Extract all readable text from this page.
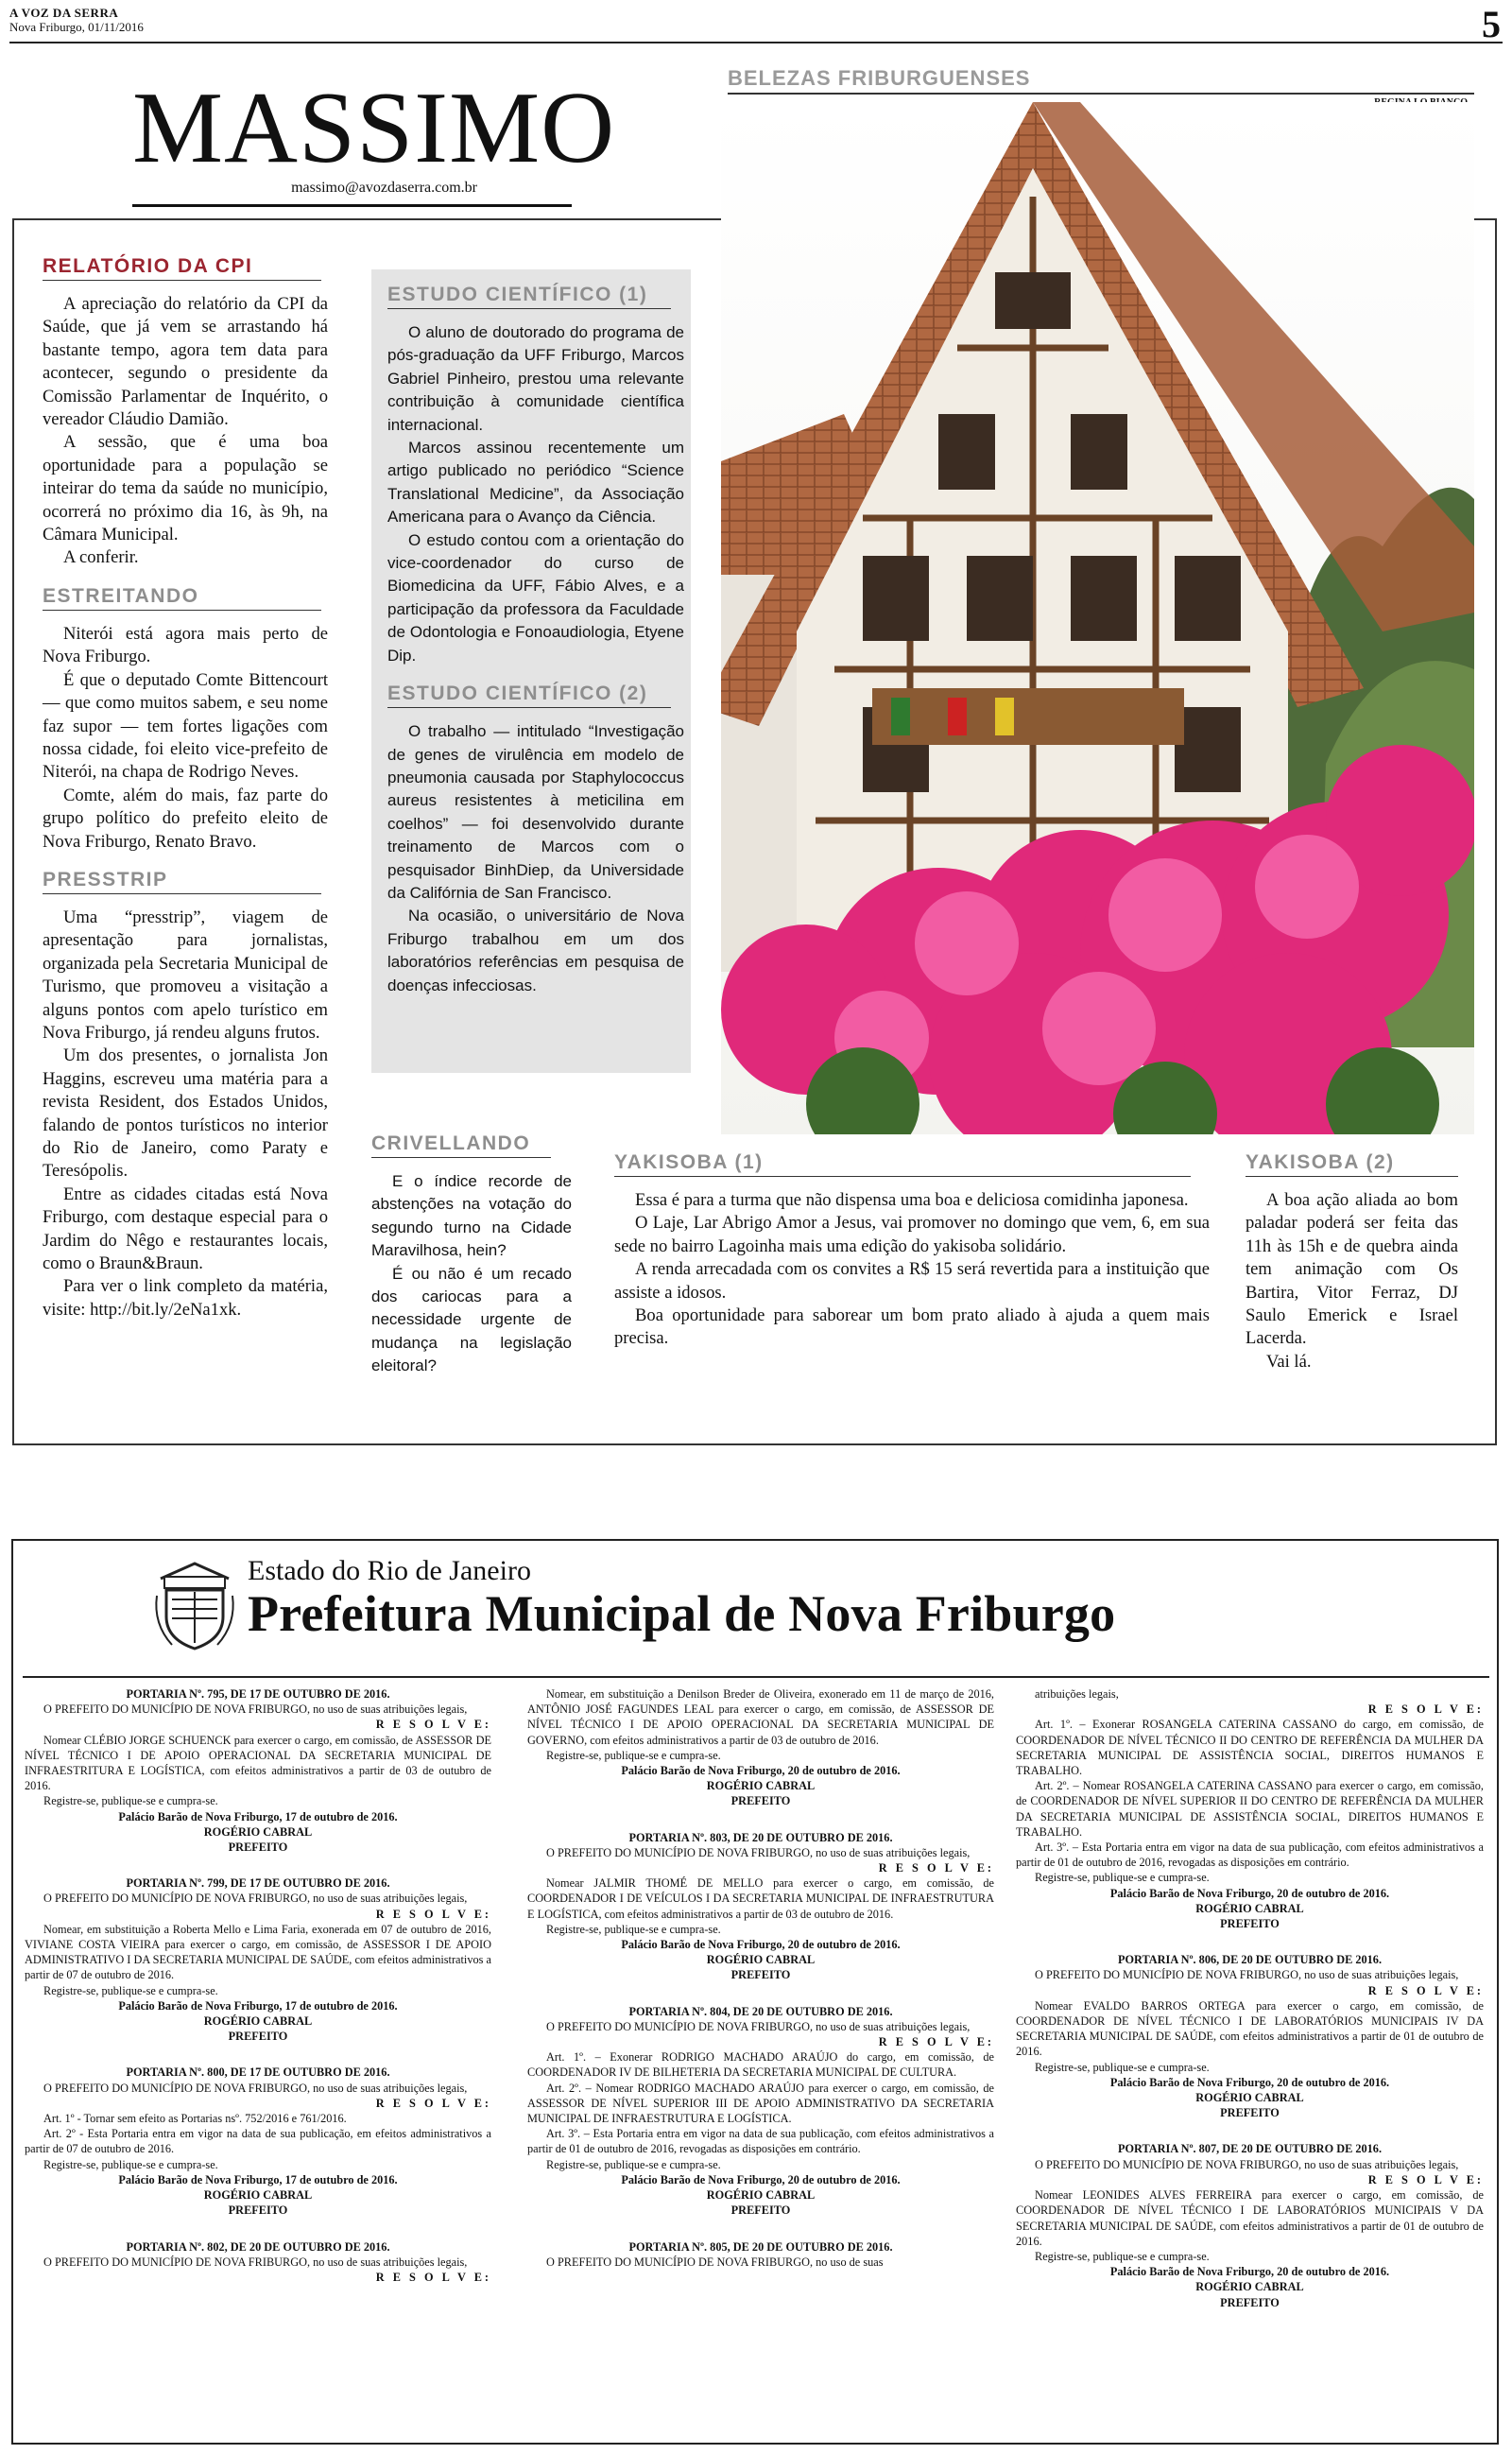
A VOZ DA SERRA
Nova Friburgo, 01/11/2016	5
MASSIMO
massimo@avozdaserra.com.br
BELEZAS FRIBURGUENSES
RELATÓRIO DA CPI

A apreciação do relatório da CPI da Saúde, que já vem se arrastando há bastante tempo, agora tem data para acontecer, segundo o presidente da Comissão Parlamentar de Inquérito, o vereador Cláudio Damião.

A sessão, que é uma boa oportunidade para a população se inteirar do tema da saúde no município, ocorrerá no próximo dia 16, às 9h, na Câmara Municipal.

A conferir.

ESTREITANDO

Niterói está agora mais perto de Nova Friburgo.

É que o deputado Comte Bittencourt — que como muitos sabem, e seu nome faz supor — tem fortes ligações com nossa cidade, foi eleito vice-prefeito de Niterói, na chapa de Rodrigo Neves.

Comte, além do mais, faz parte do grupo político do prefeito eleito de Nova Friburgo, Renato Bravo.

PRESSTRIP

Uma “presstrip”, viagem de apresentação para jornalistas, organizada pela Secretaria Municipal de Turismo, que promoveu a visitação a alguns pontos com apelo turístico em Nova Friburgo, já rendeu alguns frutos.

Um dos presentes, o jornalista Jon Haggins, escreveu uma matéria para a revista Resident, dos Estados Unidos, falando de pontos turísticos no interior do Rio de Janeiro, como Paraty e Teresópolis.

Entre as cidades citadas está Nova Friburgo, com destaque especial para o Jardim do Nêgo e restaurantes locais, como o Braun&Braun.

Para ver o link completo da matéria, visite: http://bit.ly/2eNa1xk.

ESTUDO CIENTÍFICO (1)

O aluno de doutorado do programa de pós-graduação da UFF Friburgo, Marcos Gabriel Pinheiro, prestou uma relevante contribuição à comunidade científica internacional.

Marcos assinou recentemente um artigo publicado no periódico “Science Translational Medicine”, da Associação Americana para o Avanço da Ciência.

O estudo contou com a orientação do vice-coordenador do curso de Biomedicina da UFF, Fábio Alves, e a participação da professora da Faculdade de Odontologia e Fonoaudiologia, Etyene Dip.

ESTUDO CIENTÍFICO (2)

O trabalho — intitulado “Investigação de genes de virulência em modelo de pneumonia causada por Staphylococcus aureus resistentes à meticilina em coelhos” — foi desenvolvido durante treinamento de Marcos com o pesquisador BinhDiep, da Universidade da Califórnia de San Francisco.

Na ocasião, o universitário de Nova Friburgo trabalhou em um dos laboratórios referências em pesquisa de doenças infecciosas.

CRIVELLANDO

E o índice recorde de abstenções na votação do segundo turno na Cidade Maravilhosa, hein?

É ou não é um recado dos cariocas para a necessidade urgente de mudança na legislação eleitoral?

YAKISOBA (1)

Essa é para a turma que não dispensa uma boa e deliciosa comidinha japonesa.

O Laje, Lar Abrigo Amor a Jesus, vai promover no domingo que vem, 6, em sua sede no bairro Lagoinha mais uma edição do yakisoba solidário.

A renda arrecadada com os convites a R$ 15 será revertida para a instituição que assiste a idosos.

Boa oportunidade para saborear um bom prato aliado à ajuda a quem mais precisa.

YAKISOBA (2)

A boa ação aliada ao bom paladar poderá ser feita das 11h às 15h e de quebra ainda tem animação com Os Bartira, Vitor Ferraz, DJ Saulo Emerick e Israel Lacerda.

Vai lá.

Estado do Rio de Janeiro
Prefeitura Municipal de Nova Friburgo
PORTARIA Nº. 795, DE 17 DE OUTUBRO DE 2016.
O PREFEITO DO MUNICÍPIO DE NOVA FRIBURGO, no uso de suas atribuições legais,
R E S O L V E:
Nomear CLÉBIO JORGE SCHUENCK para exercer o cargo, em comissão, de ASSESSOR DE NÍVEL TÉCNICO I DE APOIO OPERACIONAL DA SECRETARIA MUNICIPAL DE INFRAESTRITURA E LOGÍSTICA, com efeitos administrativos a partir de 03 de outubro de 2016.
Registre-se, publique-se e cumpra-se.
Palácio Barão de Nova Friburgo, 17 de outubro de 2016.
ROGÉRIO CABRAL
PREFEITO
PORTARIA Nº. 799, DE 17 DE OUTUBRO DE 2016.
O PREFEITO DO MUNICÍPIO DE NOVA FRIBURGO, no uso de suas atribuições legais,
R E S O L V E:
Nomear, em substituição a Roberta Mello e Lima Faria, exonerada em 07 de outubro de 2016, VIVIANE COSTA VIEIRA para exercer o cargo, em comissão, de ASSESSOR I DE APOIO ADMINISTRATIVO I DA SECRETARIA MUNICIPAL DE SAÚDE, com efeitos administrativos a partir de 07 de outubro de 2016.
Registre-se, publique-se e cumpra-se.
Palácio Barão de Nova Friburgo, 17 de outubro de 2016.
ROGÉRIO CABRAL
PREFEITO
PORTARIA Nº. 800, DE 17 DE OUTUBRO DE 2016.
O PREFEITO DO MUNICÍPIO DE NOVA FRIBURGO, no uso de suas atribuições legais,
R E S O L V E:
Art. 1º - Tornar sem efeito as Portarias nsº. 752/2016 e 761/2016.
Art. 2º - Esta Portaria entra em vigor na data de sua publicação, em efeitos administrativos a partir de 07 de outubro de 2016.
Registre-se, publique-se e cumpra-se.
Palácio Barão de Nova Friburgo, 17 de outubro de 2016.
ROGÉRIO CABRAL
PREFEITO
PORTARIA Nº. 802, DE 20 DE OUTUBRO DE 2016.
O PREFEITO DO MUNICÍPIO DE NOVA FRIBURGO, no uso de suas atribuições legais,
R E S O L V E:
Nomear, em substituição a Denilson Breder de Oliveira, exonerado em 11 de março de 2016, ANTÔNIO JOSÉ FAGUNDES LEAL para exercer o cargo, em comissão, de ASSESSOR DE NÍVEL TÉCNICO I DE APOIO OPERACIONAL DA SECRETARIA MUNICIPAL DE GOVERNO, com efeitos administrativos a partir de 03 de outubro de 2016.
Registre-se, publique-se e cumpra-se.
Palácio Barão de Nova Friburgo, 20 de outubro de 2016.
ROGÉRIO CABRAL
PREFEITO
PORTARIA Nº. 803, DE 20 DE OUTUBRO DE 2016.
O PREFEITO DO MUNICÍPIO DE NOVA FRIBURGO, no uso de suas atribuições legais,
R E S O L V E:
Nomear JALMIR THOMÉ DE MELLO para exercer o cargo, em comissão, de COORDENADOR I DE VEÍCULOS I DA SECRETARIA MUNICIPAL DE INFRAESTRUTURA E LOGÍSTICA, com efeitos administrativos a partir de 03 de outubro de 2016.
Registre-se, publique-se e cumpra-se.
Palácio Barão de Nova Friburgo, 20 de outubro de 2016.
ROGÉRIO CABRAL
PREFEITO
PORTARIA Nº. 804, DE 20 DE OUTUBRO DE 2016.
O PREFEITO DO MUNICÍPIO DE NOVA FRIBURGO, no uso de suas atribuições legais,
R E S O L V E:
Art. 1º. – Exonerar RODRIGO MACHADO ARAÚJO do cargo, em comissão, de COORDENADOR IV DE BILHETERIA DA SECRETARIA MUNICIPAL DE CULTURA.
Art. 2º. – Nomear RODRIGO MACHADO ARAÚJO para exercer o cargo, em comissão, de ASSESSOR DE NÍVEL SUPERIOR III DE APOIO ADMINISTRATIVO DA SECRETARIA MUNICIPAL DE INFRAESTRUTURA E LOGÍSTICA.
Art. 3º. – Esta Portaria entra em vigor na data de sua publicação, com efeitos administrativos a partir de 01 de outubro de 2016, revogadas as disposições em contrário.
Registre-se, publique-se e cumpra-se.
Palácio Barão de Nova Friburgo, 20 de outubro de 2016.
ROGÉRIO CABRAL
PREFEITO
PORTARIA Nº. 805, DE 20 DE OUTUBRO DE 2016.
O PREFEITO DO MUNICÍPIO DE NOVA FRIBURGO, no uso de suas
atribuições legais,
R E S O L V E:
Art. 1º. – Exonerar ROSANGELA CATERINA CASSANO do cargo, em comissão, de COORDENADOR DE NÍVEL TÉCNICO II DO CENTRO DE REFERÊNCIA DA MULHER DA SECRETARIA MUNICIPAL DE ASSISTÊNCIA SOCIAL, DIREITOS HUMANOS E TRABALHO.
Art. 2º. – Nomear ROSANGELA CATERINA CASSANO para exercer o cargo, em comissão, de COORDENADOR DE NÍVEL SUPERIOR II DO CENTRO DE REFERÊNCIA DA MULHER DA SECRETARIA MUNICIPAL DE ASSISTÊNCIA SOCIAL, DIREITOS HUMANOS E TRABALHO.
Art. 3º. – Esta Portaria entra em vigor na data de sua publicação, com efeitos administrativos a partir de 01 de outubro de 2016, revogadas as disposições em contrário.
Registre-se, publique-se e cumpra-se.
Palácio Barão de Nova Friburgo, 20 de outubro de 2016.
ROGÉRIO CABRAL
PREFEITO
PORTARIA Nº. 806, DE 20 DE OUTUBRO DE 2016.
O PREFEITO DO MUNICÍPIO DE NOVA FRIBURGO, no uso de suas atribuições legais,
R E S O L V E:
Nomear EVALDO BARROS ORTEGA para exercer o cargo, em comissão, de COORDENADOR DE NÍVEL TÉCNICO I DE LABORATÓRIOS MUNICIPAIS IV DA SECRETARIA MUNICIPAL DE SAÚDE, com efeitos administrativos a partir de 01 de outubro de 2016.
Registre-se, publique-se e cumpra-se.
Palácio Barão de Nova Friburgo, 20 de outubro de 2016.
ROGÉRIO CABRAL
PREFEITO
PORTARIA Nº. 807, DE 20 DE OUTUBRO DE 2016.
O PREFEITO DO MUNICÍPIO DE NOVA FRIBURGO, no uso de suas atribuições legais,
R E S O L V E:
Nomear LEONIDES ALVES FERREIRA para exercer o cargo, em comissão, de COORDENADOR DE NÍVEL TÉCNICO I DE LABORATÓRIOS MUNICIPAIS V DA SECRETARIA MUNICIPAL DE SAÚDE, com efeitos administrativos a partir de 01 de outubro de 2016.
Registre-se, publique-se e cumpra-se.
Palácio Barão de Nova Friburgo, 20 de outubro de 2016.
ROGÉRIO CABRAL
PREFEITO
